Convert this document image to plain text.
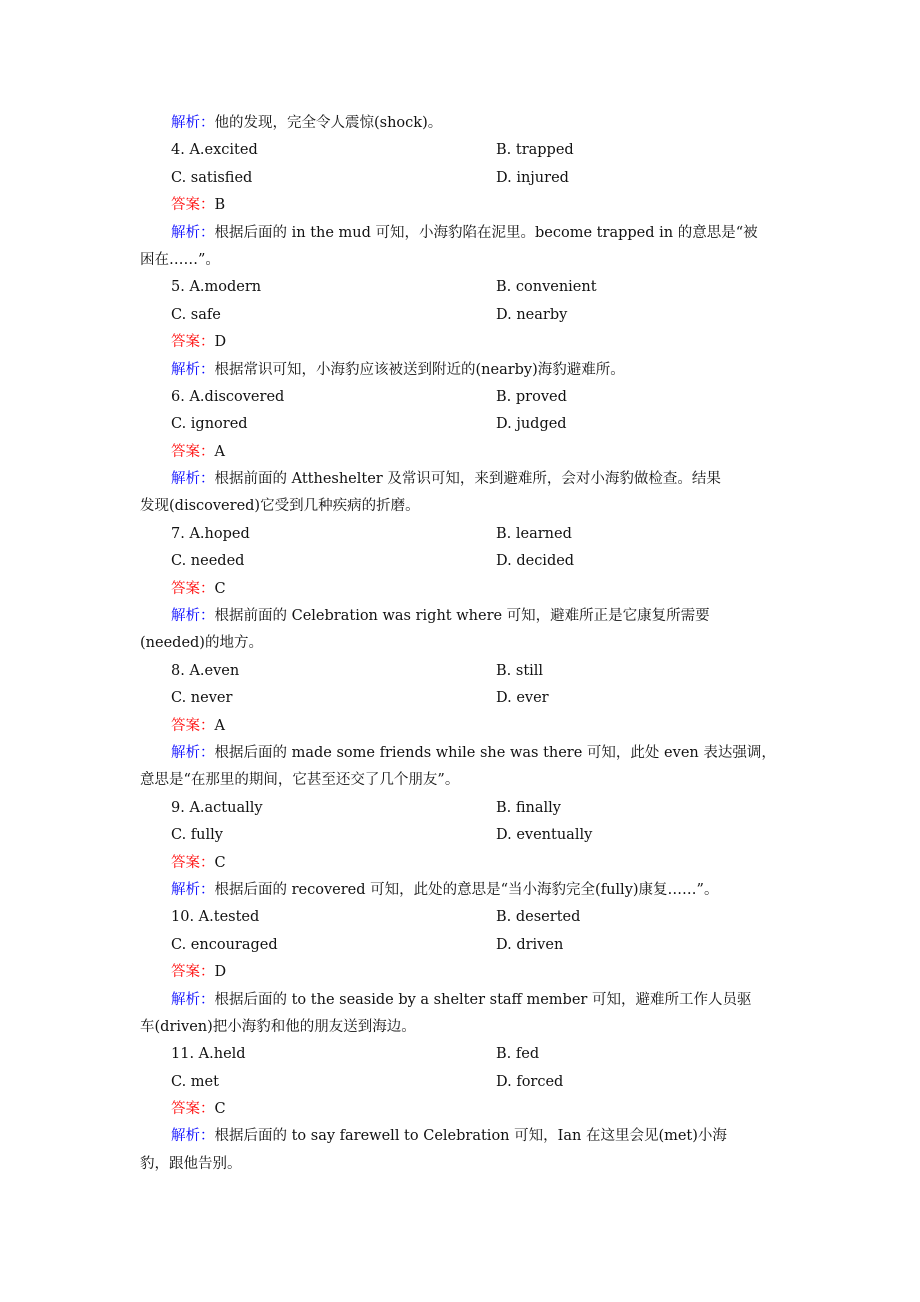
解析：他的发现，完全令人震惊(shock)。
4. A.excited	B. trapped
C. satisfied	D. injured
答案：B
解析：根据后面的 in the mud 可知，小海豹陷在泥里。become trapped in 的意思是“被
困在……”。
5. A.modern	B. convenient
C. safe	D. nearby
答案：D
解析：根据常识可知，小海豹应该被送到附近的(nearby)海豹避难所。
6. A.discovered	B. proved
C. ignored	D. judged
答案：A
解析：根据前面的 Attheshelter 及常识可知，来到避难所，会对小海豹做检查。结果
发现(discovered)它受到几种疾病的折磨。
7. A.hoped	B. learned
C. needed	D. decided
答案：C
解析：根据前面的 Celebration was right where 可知，避难所正是它康复所需要
(needed)的地方。
8. A.even	B. still
C. never	D. ever
答案：A
解析：根据后面的 made some friends while she was there 可知，此处 even 表达强调，
意思是“在那里的期间，它甚至还交了几个朋友”。
9. A.actually	B. finally
C. fully	D. eventually
答案：C
解析：根据后面的 recovered 可知，此处的意思是“当小海豹完全(fully)康复……”。
10. A.tested	B. deserted
C. encouraged	D. driven
答案：D
解析：根据后面的 to the seaside by a shelter staff member 可知，避难所工作人员驱
车(driven)把小海豹和他的朋友送到海边。
11. A.held	B. fed
C. met	D. forced
答案：C
解析：根据后面的 to say farewell to Celebration 可知，Ian 在这里会见(met)小海
豹，跟他告别。
